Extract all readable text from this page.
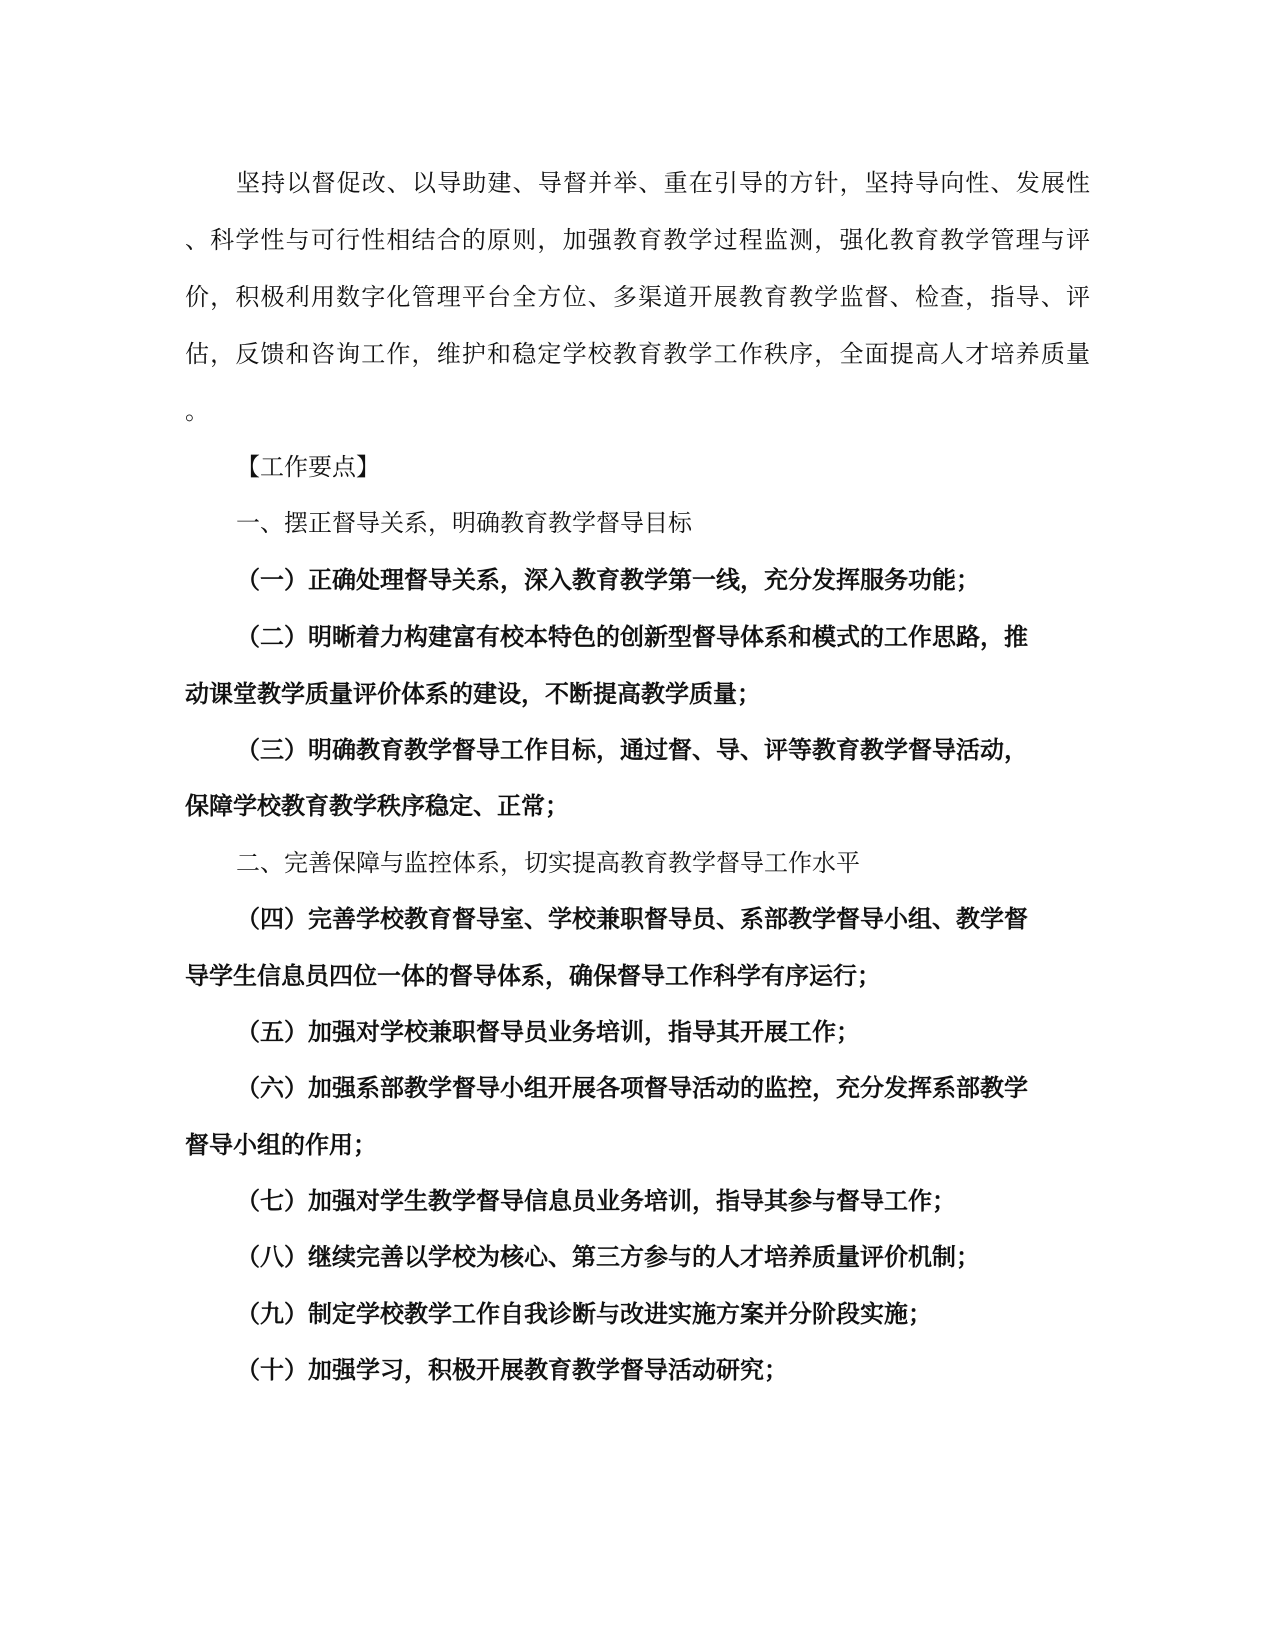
坚持以督促改、以导助建、导督并举、重在引导的方针，坚持导向性、发展性
、科学性与可行性相结合的原则，加强教育教学过程监测，强化教育教学管理与评
价，积极利用数字化管理平台全方位、多渠道开展教育教学监督、检查，指导、评
估，反馈和咨询工作，维护和稳定学校教育教学工作秩序，全面提高人才培养质量
。
【工作要点】
一、摆正督导关系，明确教育教学督导目标
（一）正确处理督导关系，深入教育教学第一线，充分发挥服务功能；
（二）明晰着力构建富有校本特色的创新型督导体系和模式的工作思路，推
动课堂教学质量评价体系的建设，不断提高教学质量；
（三）明确教育教学督导工作目标，通过督、导、评等教育教学督导活动，
保障学校教育教学秩序稳定、正常；
二、完善保障与监控体系，切实提高教育教学督导工作水平
（四）完善学校教育督导室、学校兼职督导员、系部教学督导小组、教学督
导学生信息员四位一体的督导体系，确保督导工作科学有序运行；
（五）加强对学校兼职督导员业务培训，指导其开展工作；
（六）加强系部教学督导小组开展各项督导活动的监控，充分发挥系部教学
督导小组的作用；
（七）加强对学生教学督导信息员业务培训，指导其参与督导工作；
（八）继续完善以学校为核心、第三方参与的人才培养质量评价机制；
（九）制定学校教学工作自我诊断与改进实施方案并分阶段实施；
（十）加强学习，积极开展教育教学督导活动研究；
